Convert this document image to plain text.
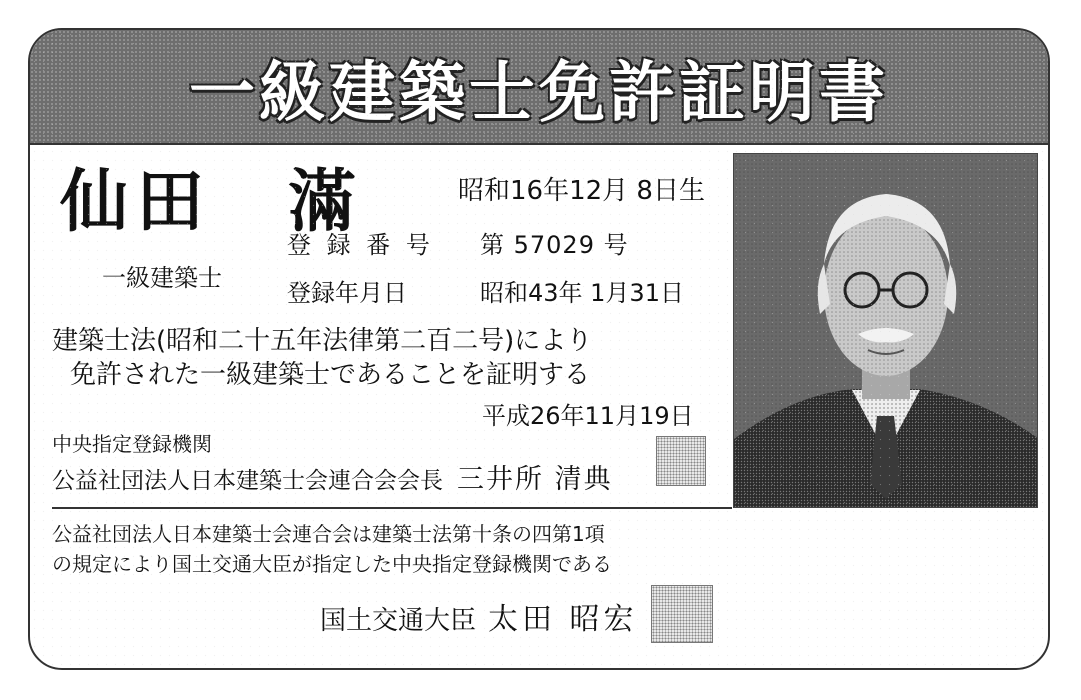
一級建築士免許証明書
仙田　滿	昭和16年12月 8日生
一級建築士
登 録 番 号 第 57029 号
登録年月日	昭和43年 1月31日
建築士法(昭和二十五年法律第二百二号)により
免許された一級建築士であることを証明する
平成26年11月19日
中央指定登録機関
公益社団法人日本建築士会連合会会長 三井所 清典
公益社団法人日本建築士会連合会は建築士法第十条の四第1項
の規定により国土交通大臣が指定した中央指定登録機関である
国土交通大臣 太田 昭宏
